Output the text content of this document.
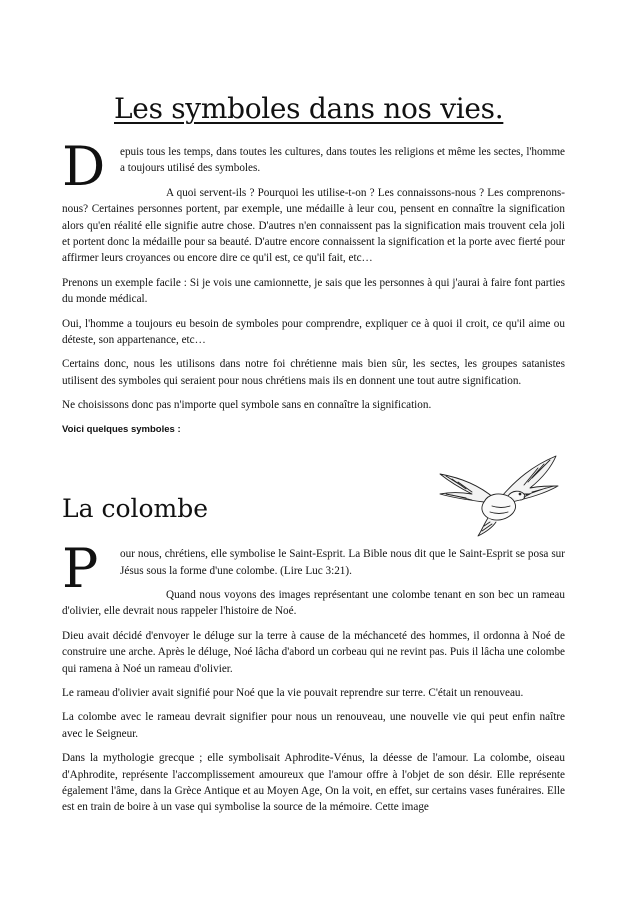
Les symboles dans nos vies.

D	epuis tous les temps, dans toutes les cultures, dans toutes les religions et même les sectes, l'homme a toujours utilisé des symboles.

A quoi servent-ils ? Pourquoi les utilise-t-on ? Les connaissons-nous ? Les comprenons-nous? Certaines personnes portent, par exemple, une médaille à leur cou, pensent en connaître la signification alors qu'en réalité elle signifie autre chose. D'autres n'en connaissent pas la signification mais trouvent cela joli et portent donc la médaille pour sa beauté. D'autre encore connaissent la signification et la porte avec fierté pour affirmer leurs croyances ou encore dire ce qu'il est, ce qu'il fait, etc…

Prenons un exemple facile : Si je vois une camionnette, je sais que les personnes à qui j'aurai à faire font parties du monde médical.

Oui, l'homme a toujours eu besoin de symboles pour comprendre, expliquer ce à quoi il croit, ce qu'il aime ou déteste, son appartenance, etc…

Certains donc, nous les utilisons dans notre foi chrétienne mais bien sûr, les sectes, les groupes satanistes utilisent des symboles qui seraient pour nous chrétiens mais ils en donnent une tout autre signification.

Ne choisissons donc pas n'importe quel symbole sans en connaître la signification.

Voici quelques symboles :

La colombe

P	our nous, chrétiens, elle symbolise le Saint-Esprit. La Bible nous dit que le Saint-Esprit se posa sur Jésus sous la forme d'une colombe. (Lire Luc 3:21).

Quand nous voyons des images représentant une colombe tenant en son bec un rameau d'olivier, elle devrait nous rappeler l'histoire de Noé.

Dieu avait décidé d'envoyer le déluge sur la terre à cause de la méchanceté des hommes, il ordonna à Noé de construire une arche. Après le déluge, Noé lâcha d'abord un corbeau qui ne revint pas. Puis il lâcha une colombe qui ramena à Noé un rameau d'olivier.

Le rameau d'olivier avait signifié pour Noé que la vie pouvait reprendre sur terre. C'était un renouveau.

La colombe avec le rameau devrait signifier pour nous un renouveau, une nouvelle vie qui peut enfin naître avec le Seigneur.

Dans la mythologie grecque ; elle symbolisait Aphrodite-Vénus, la déesse de l'amour. La colombe, oiseau d'Aphrodite, représente l'accomplissement amoureux que l'amour offre à l'objet de son désir. Elle représente également l'âme, dans la Grèce Antique et au Moyen Age, On la voit, en effet, sur certains vases funéraires. Elle est en train de boire à un vase qui symbolise la source de la mémoire. Cette image
